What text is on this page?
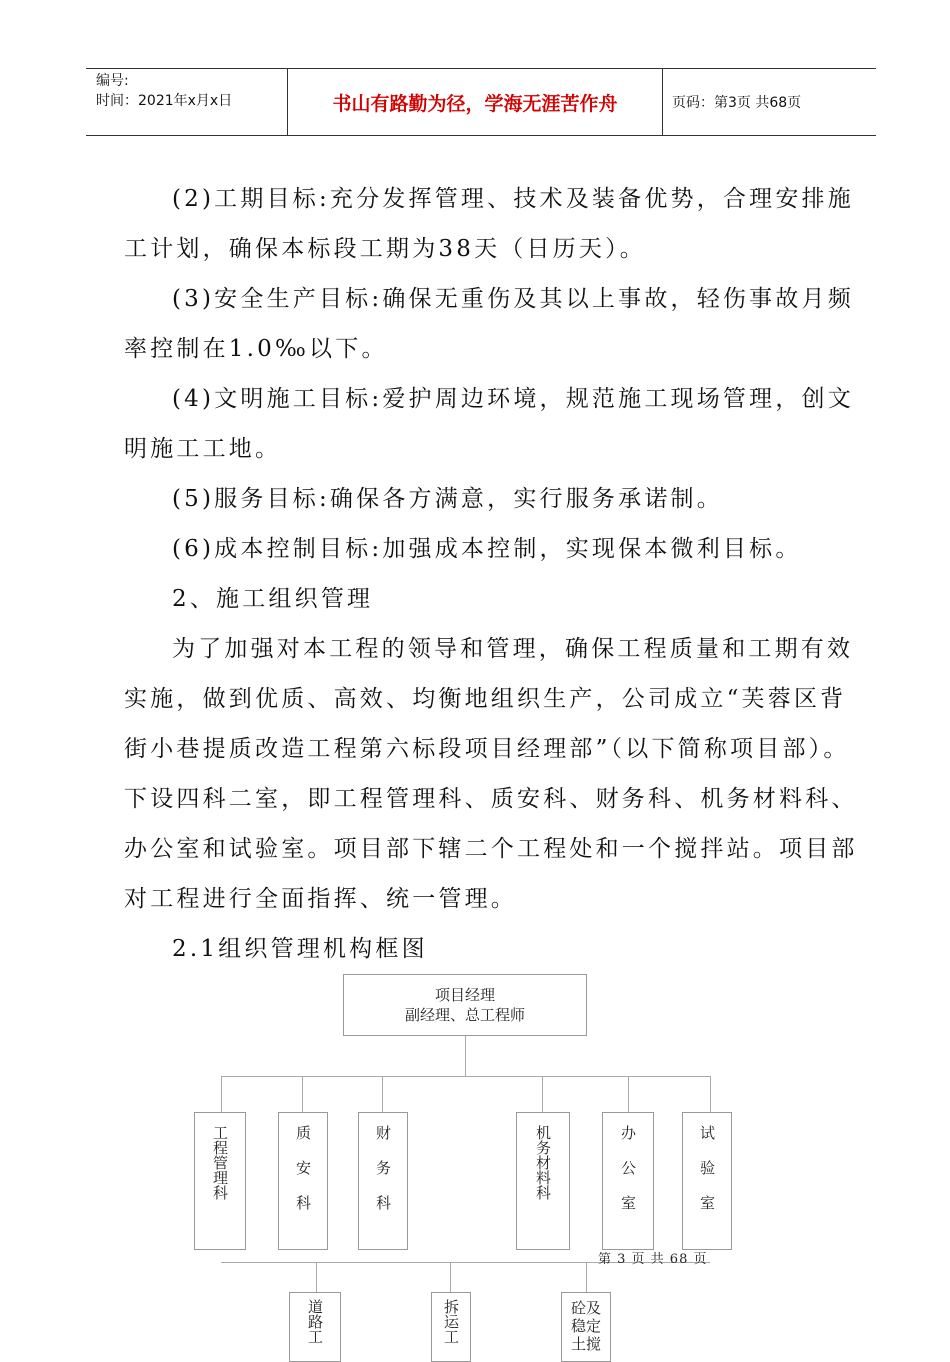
编号:
时间：2021年x月x日	书山有路勤为径，学海无涯苦作舟	页码：第3页 共68页
(2)工期目标:充分发挥管理、技术及装备优势，合理安排施
工计划，确保本标段工期为38天（日历天）。
(3)安全生产目标:确保无重伤及其以上事故，轻伤事故月频
率控制在1.0‰以下。
(4)文明施工目标:爱护周边环境，规范施工现场管理，创文
明施工工地。
(5)服务目标:确保各方满意，实行服务承诺制。
(6)成本控制目标:加强成本控制，实现保本微利目标。
2、施工组织管理
为了加强对本工程的领导和管理，确保工程质量和工期有效
实施，做到优质、高效、均衡地组织生产，公司成立“芙蓉区背
街小巷提质改造工程第六标段项目经理部”（以下简称项目部）。
下设四科二室，即工程管理科、质安科、财务科、机务材料科、
办公室和试验室。项目部下辖二个工程处和一个搅拌站。项目部
对工程进行全面指挥、统一管理。
2.1组织管理机构框图
项目经理
副经理、总工程师
工程管理科	质安科	财务科	机务材料科	办公室	试验室
道路工	拆运工	砼及稳定土搅
第 3 页 共 68 页
